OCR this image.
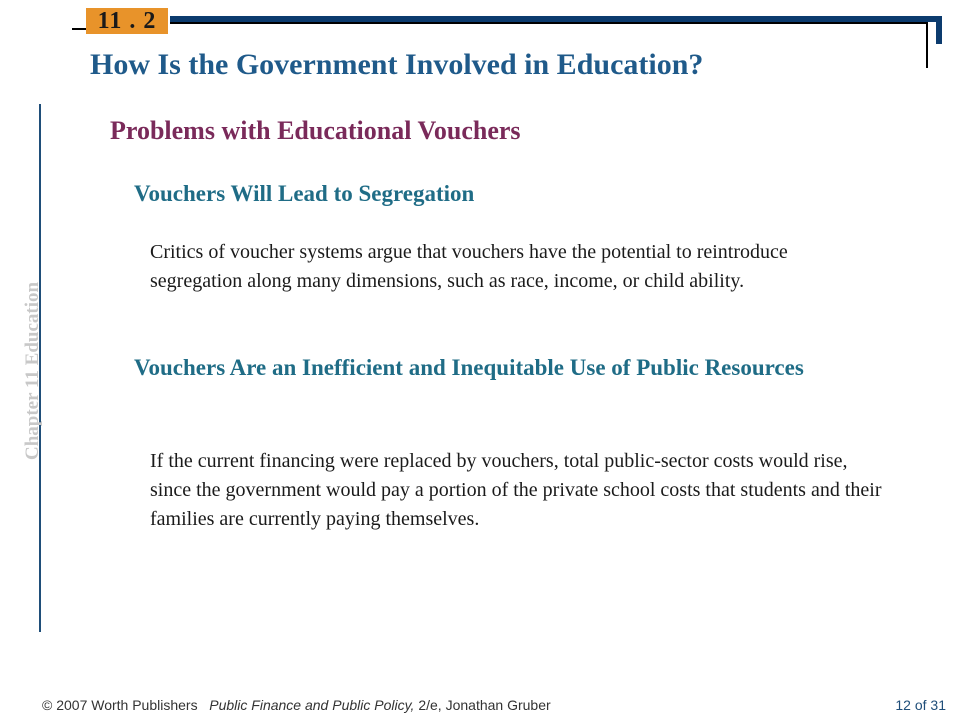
11 . 2
How Is the Government Involved in Education?
Chapter 11 Education
Problems with Educational Vouchers
Vouchers Will Lead to Segregation
Critics of voucher systems argue that vouchers have the potential to reintroduce segregation along many dimensions, such as race, income, or child ability.
Vouchers Are an Inefficient and Inequitable Use of Public Resources
If the current financing were replaced by vouchers, total public-sector costs would rise, since the government would pay a portion of the private school costs that students and their families are currently paying themselves.
© 2007 Worth Publishers Public Finance and Public Policy, 2/e, Jonathan Gruber	12 of 31
